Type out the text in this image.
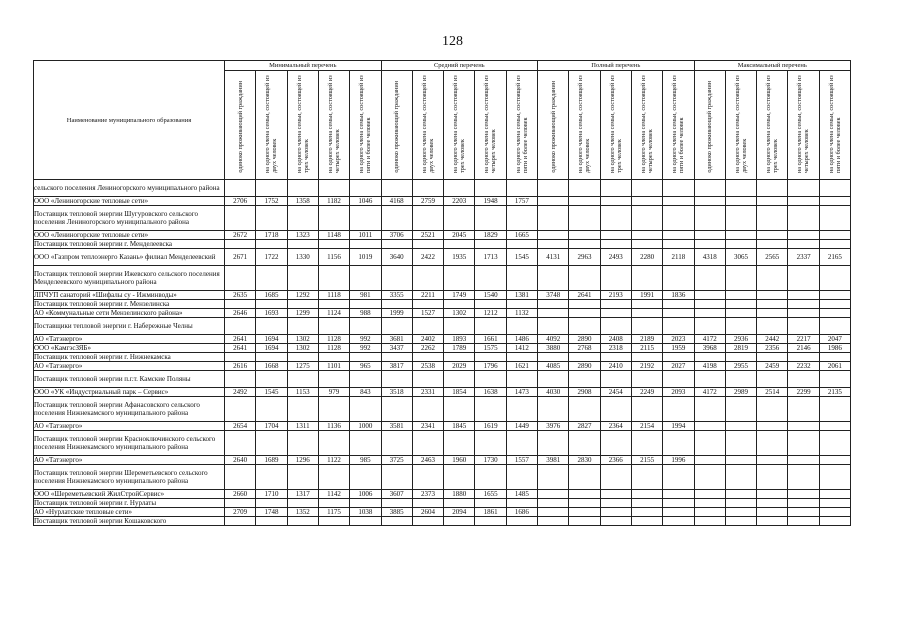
128
Наименование муниципального образования	Минимальный перечень					Средний перечень					Полный перечень					Максимальный перечень				
	одиноко проживающий гражданин	на одного члена семьи, состоящей из двух человек	на одного члена семьи, состоящей из трех человек	на одного члена семьи, состоящей из четырех человек	на одного члена семьи, состоящей из пяти и более человек	одиноко проживающий гражданин	на одного члена семьи, состоящей из двух человек	на одного члена семьи, состоящей из трех человек	на одного члена семьи, состоящей из четырех человек	на одного члена семьи, состоящей из пяти и более человек	одиноко проживающий гражданин	на одного члена семьи, состоящей из двух человек	на одного члена семьи, состоящей из трех человек	на одного члена семьи, состоящей из четырех человек	на одного члена семьи, состоящей из пяти и более человек	одиноко проживающий гражданин	на одного члена семьи, состоящей из двух человек	на одного члена семьи, состоящей из трех человек	на одного члена семьи, состоящей из четырех человек	на одного члена семьи, состоящей из пяти и более человек
сельского поселения Лениногорского муниципального района																				
ООО «Лениногорские тепловые сети»	2706	1752	1358	1182	1046	4168	2759	2203	1948	1757										
Поставщик тепловой энергии Шугуровского сельского поселения Лениногорского муниципального района																				
ООО «Лениногорские тепловые сети»	2672	1718	1323	1148	1011	3706	2521	2045	1829	1665										
Поставщик тепловой энергии г. Менделеевска																				
ООО «Газпром теплоэнерго Казань» филиал Менделеевский	2671	1722	1330	1156	1019	3640	2422	1935	1713	1545	4131	2963	2493	2280	2118	4318	3065	2565	2337	2165
Поставщик тепловой энергии Ижевского сельского поселения Менделеевского муниципального района																				
ЛПЧУП санаторий «Шифалы су - Ижминводы»	2635	1685	1292	1118	981	3355	2211	1749	1540	1381	3748	2641	2193	1991	1836					
Поставщик тепловой энергии г. Мензелинска																				
АО «Коммунальные сети Мензелинского района»	2646	1693	1299	1124	988	1999	1527	1302	1212	1132										
Поставщики тепловой энергии г. Набережные Челны																				
АО «Татэнерго»	2641	1694	1302	1128	992	3681	2402	1893	1661	1486	4092	2890	2408	2189	2023	4172	2936	2442	2217	2047
ООО «КамгэсЗЯБ»	2641	1694	1302	1128	992	3437	2262	1789	1575	1412	3880	2768	2318	2115	1959	3968	2819	2356	2146	1986
Поставщик тепловой энергии г. Нижнекамска																				
АО «Татэнерго»	2616	1668	1275	1101	965	3817	2538	2029	1796	1621	4085	2890	2410	2192	2027	4198	2955	2459	2232	2061
Поставщик тепловой энергии п.г.т. Камские Поляны																				
ООО «УК «Индустриальный парк – Сервис»	2492	1545	1153	979	843	3518	2331	1854	1638	1473	4030	2908	2454	2249	2093	4172	2989	2514	2299	2135
Поставщик тепловой энергии Афанасовского сельского поселения Нижнекамского муниципального района																				
АО «Татэнерго»	2654	1704	1311	1136	1000	3581	2341	1845	1619	1449	3976	2827	2364	2154	1994					
Поставщик тепловой энергии Красноключинского сельского поселения Нижнекамского муниципального района																				
АО «Татэнерго»	2640	1689	1296	1122	985	3725	2463	1960	1730	1557	3981	2830	2366	2155	1996					
Поставщик тепловой энергии Шереметьевского сельского поселения Нижнекамского муниципального района																				
ООО «Шереметьевский ЖилСтройСервис»	2660	1710	1317	1142	1006	3607	2373	1880	1655	1485										
Поставщик тепловой энергии г. Нурлаты																				
АО «Нурлатские тепловые сети»	2709	1748	1352	1175	1038	3885	2604	2094	1861	1686										
Поставщик тепловой энергии Кошаковского																				
